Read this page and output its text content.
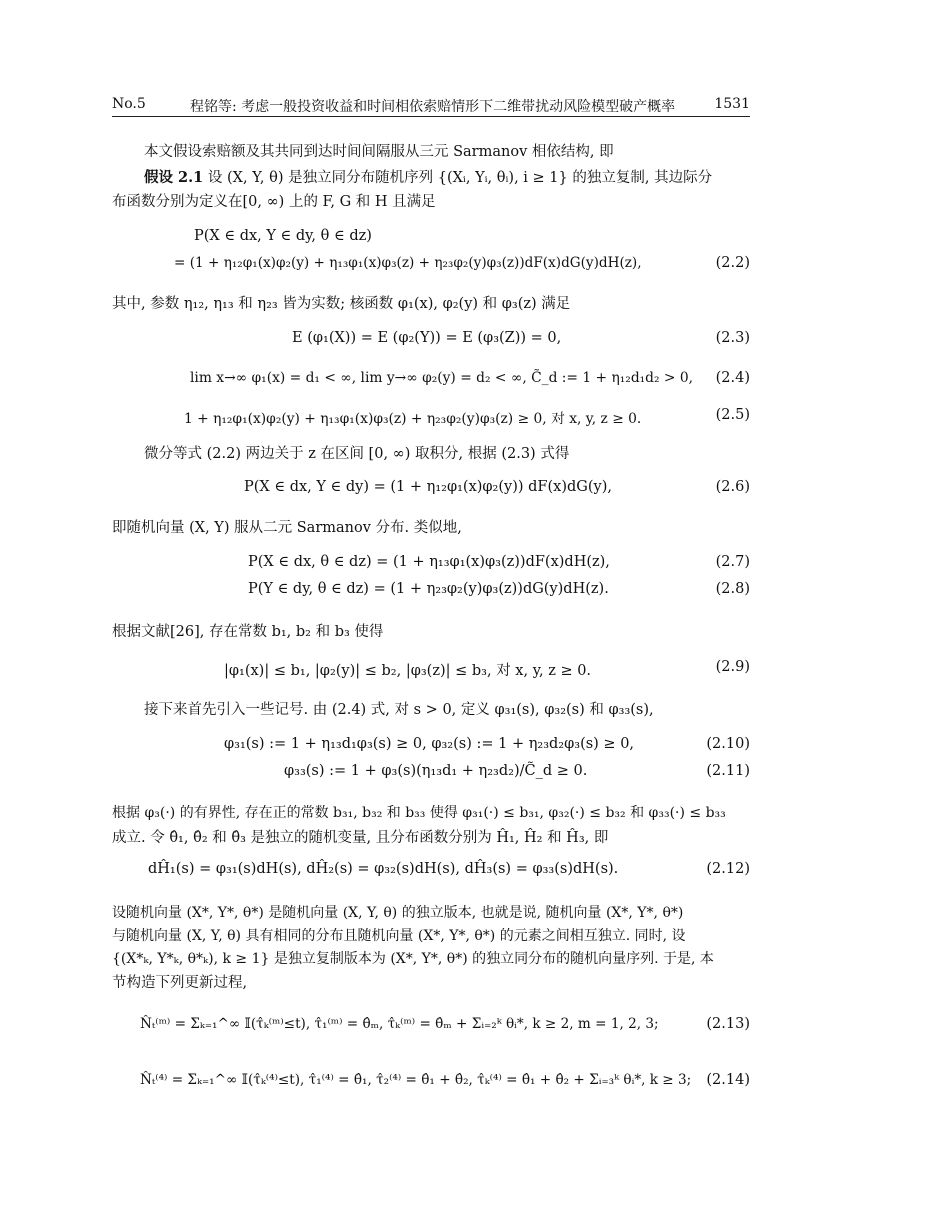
No.5	程铭等: 考虑一般投资收益和时间相依索赔情形下二维带扰动风险模型破产概率	1531
本文假设索赔额及其共同到达时间间隔服从三元 Sarmanov 相依结构, 即
假设 2.1 设 (X, Y, θ) 是独立同分布随机序列 {(Xᵢ, Yᵢ, θᵢ), i ≥ 1} 的独立复制, 其边际分
布函数分别为定义在[0, ∞) 上的 F, G 和 H 且满足
P(X ∈ dx, Y ∈ dy, θ ∈ dz)
= (1 + η₁₂φ₁(x)φ₂(y) + η₁₃φ₁(x)φ₃(z) + η₂₃φ₂(y)φ₃(z))dF(x)dG(y)dH(z),	(2.2)
其中, 参数 η₁₂, η₁₃ 和 η₂₃ 皆为实数; 核函数 φ₁(x), φ₂(y) 和 φ₃(z) 满足
E (φ₁(X)) = E (φ₂(Y)) = E (φ₃(Z)) = 0,	(2.3)
lim x→∞ φ₁(x) = d₁ < ∞, lim y→∞ φ₂(y) = d₂ < ∞, C̃_d := 1 + η₁₂d₁d₂ > 0, (2.4)
1 + η₁₂φ₁(x)φ₂(y) + η₁₃φ₁(x)φ₃(z) + η₂₃φ₂(y)φ₃(z) ≥ 0, 对 x, y, z ≥ 0.	(2.5)
微分等式 (2.2) 两边关于 z 在区间 [0, ∞) 取积分, 根据 (2.3) 式得
P(X ∈ dx, Y ∈ dy) = (1 + η₁₂φ₁(x)φ₂(y)) dF(x)dG(y),	(2.6)
即随机向量 (X, Y) 服从二元 Sarmanov 分布. 类似地,
P(X ∈ dx, θ ∈ dz) = (1 + η₁₃φ₁(x)φ₃(z))dF(x)dH(z),	(2.7)
P(Y ∈ dy, θ ∈ dz) = (1 + η₂₃φ₂(y)φ₃(z))dG(y)dH(z).	(2.8)
根据文献[26], 存在常数 b₁, b₂ 和 b₃ 使得
|φ₁(x)| ≤ b₁, |φ₂(y)| ≤ b₂, |φ₃(z)| ≤ b₃, 对 x, y, z ≥ 0.	(2.9)
接下来首先引入一些记号. 由 (2.4) 式, 对 s > 0, 定义 φ₃₁(s), φ₃₂(s) 和 φ₃₃(s),
φ₃₁(s) := 1 + η₁₃d₁φ₃(s) ≥ 0, φ₃₂(s) := 1 + η₂₃d₂φ₃(s) ≥ 0,	(2.10)
φ₃₃(s) := 1 + φ₃(s)(η₁₃d₁ + η₂₃d₂)/C̃_d ≥ 0.	(2.11)
根据 φ₃(·) 的有界性, 存在正的常数 b₃₁, b₃₂ 和 b₃₃ 使得 φ₃₁(·) ≤ b₃₁, φ₃₂(·) ≤ b₃₂ 和 φ₃₃(·) ≤ b₃₃
成立. 令 θ̂₁, θ̂₂ 和 θ̂₃ 是独立的随机变量, 且分布函数分别为 Ĥ₁, Ĥ₂ 和 Ĥ₃, 即
dĤ₁(s) = φ₃₁(s)dH(s), dĤ₂(s) = φ₃₂(s)dH(s), dĤ₃(s) = φ₃₃(s)dH(s).	(2.12)
设随机向量 (X*, Y*, θ*) 是随机向量 (X, Y, θ) 的独立版本, 也就是说, 随机向量 (X*, Y*, θ*)
与随机向量 (X, Y, θ) 具有相同的分布且随机向量 (X*, Y*, θ*) 的元素之间相互独立. 同时, 设
{(X*ₖ, Y*ₖ, θ*ₖ), k ≥ 1} 是独立复制版本为 (X*, Y*, θ*) 的独立同分布的随机向量序列. 于是, 本
节构造下列更新过程,
N̂ₜ⁽ᵐ⁾ = Σₖ₌₁^∞ 𝕀(τ̂ₖ⁽ᵐ⁾≤t), τ̂₁⁽ᵐ⁾ = θ̂ₘ, τ̂ₖ⁽ᵐ⁾ = θ̂ₘ + Σᵢ₌₂ᵏ θᵢ*, k ≥ 2, m = 1, 2, 3;	(2.13)
N̂ₜ⁽⁴⁾ = Σₖ₌₁^∞ 𝕀(τ̂ₖ⁽⁴⁾≤t), τ̂₁⁽⁴⁾ = θ̂₁, τ̂₂⁽⁴⁾ = θ̂₁ + θ̂₂, τ̂ₖ⁽⁴⁾ = θ̂₁ + θ̂₂ + Σᵢ₌₃ᵏ θᵢ*, k ≥ 3; (2.14)
